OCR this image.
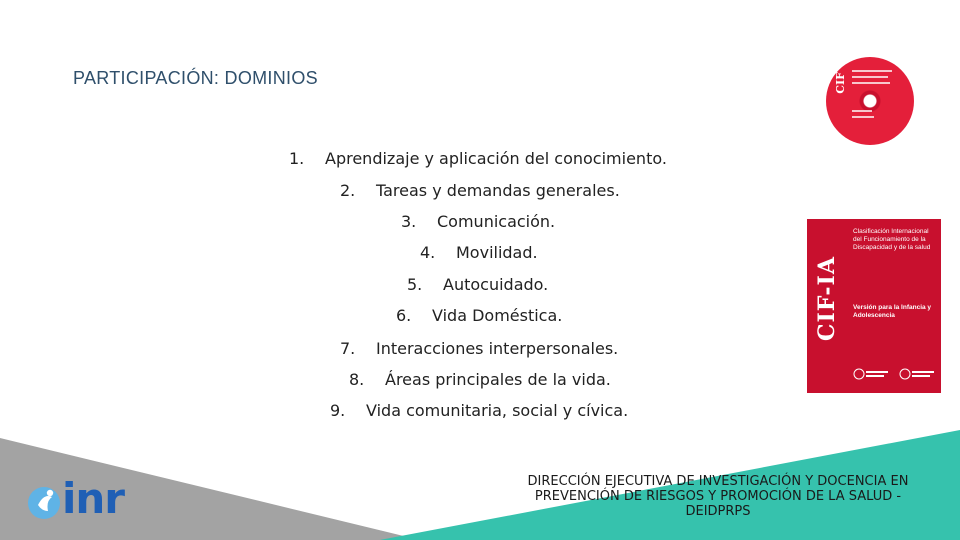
PARTICIPACIÓN: DOMINIOS
1. Aprendizaje y aplicación del conocimiento.
2. Tareas y demandas generales.
3. Comunicación.
4. Movilidad.
5. Autocuidado.
6. Vida Doméstica.
7. Interacciones interpersonales.
8. Áreas principales de la vida.
9. Vida comunitaria, social y cívica.
CIF
CIF-IA
Clasificación Internacional del Funcionamiento de la Discapacidad y de la salud
Versión para la Infancia y Adolescencia
inr	DIRECCIÓN EJECUTIVA DE INVESTIGACIÓN Y DOCENCIA EN PREVENCIÓN DE RIESGOS Y PROMOCIÓN DE LA SALUD - DEIDPRPS
